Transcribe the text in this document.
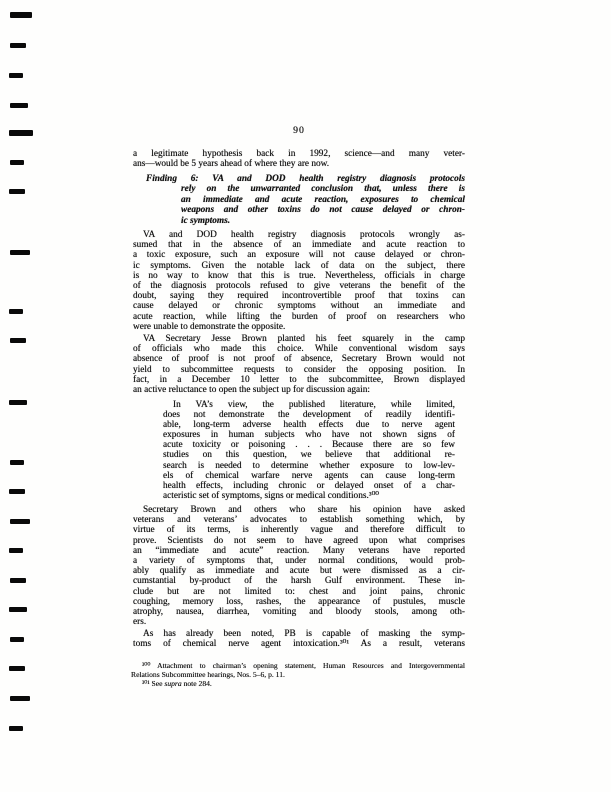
90
a legitimate hypothesis back in 1992, science—and many veter-
ans—would be 5 years ahead of where they are now.
Finding 6: VA and DOD health registry diagnosis protocols
rely on the unwarranted conclusion that, unless there is
an immediate and acute reaction, exposures to chemical
weapons and other toxins do not cause delayed or chron-
ic symptoms.
VA and DOD health registry diagnosis protocols wrongly as-
sumed that in the absence of an immediate and acute reaction to
a toxic exposure, such an exposure will not cause delayed or chron-
ic symptoms. Given the notable lack of data on the subject, there
is no way to know that this is true. Nevertheless, officials in charge
of the diagnosis protocols refused to give veterans the benefit of the
doubt, saying they required incontrovertible proof that toxins can
cause delayed or chronic symptoms without an immediate and
acute reaction, while lifting the burden of proof on researchers who
were unable to demonstrate the opposite.
VA Secretary Jesse Brown planted his feet squarely in the camp
of officials who made this choice. While conventional wisdom says
absence of proof is not proof of absence, Secretary Brown would not
yield to subcommittee requests to consider the opposing position. In
fact, in a December 10 letter to the subcommittee, Brown displayed
an active reluctance to open the subject up for discussion again:
In VA’s view, the published literature, while limited,
does not demonstrate the development of readily identifi-
able, long-term adverse health effects due to nerve agent
exposures in human subjects who have not shown signs of
acute toxicity or poisoning . . . Because there are so few
studies on this question, we believe that additional re-
search is needed to determine whether exposure to low-lev-
els of chemical warfare nerve agents can cause long-term
health effects, including chronic or delayed onset of a char-
acteristic set of symptoms, signs or medical conditions.³⁰⁰
Secretary Brown and others who share his opinion have asked
veterans and veterans’ advocates to establish something which, by
virtue of its terms, is inherently vague and therefore difficult to
prove. Scientists do not seem to have agreed upon what comprises
an “immediate and acute” reaction. Many veterans have reported
a variety of symptoms that, under normal conditions, would prob-
ably qualify as immediate and acute but were dismissed as a cir-
cumstantial by-product of the harsh Gulf environment. These in-
clude but are not limited to: chest and joint pains, chronic
coughing, memory loss, rashes, the appearance of pustules, muscle
atrophy, nausea, diarrhea, vomiting and bloody stools, among oth-
ers.
As has already been noted, PB is capable of masking the symp-
toms of chemical nerve agent intoxication.³⁰¹ As a result, veterans
³⁰⁰ Attachment to chairman’s opening statement, Human Resources and Intergovernmental
Relations Subcommittee hearings, Nos. 5–6, p. 11.
³⁰¹ See supra note 284.
